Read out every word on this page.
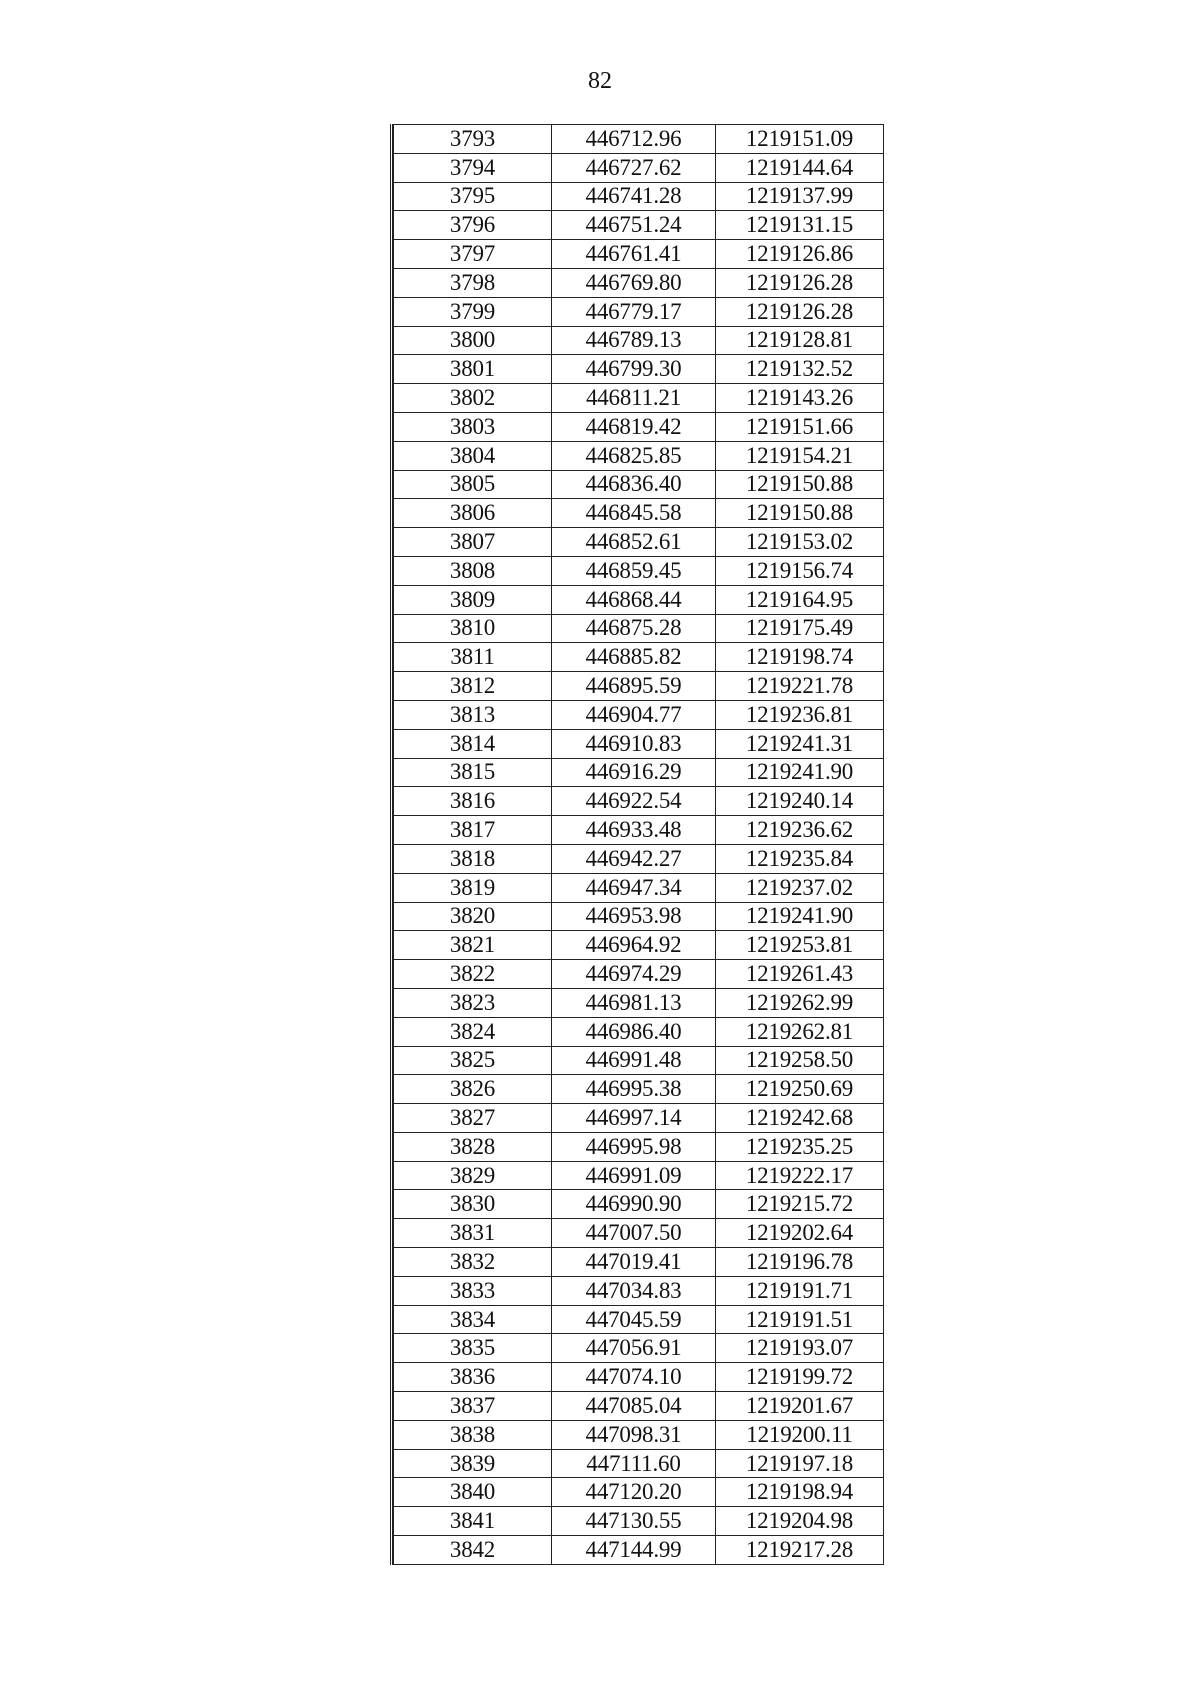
82
3793	446712.96	1219151.09
3794	446727.62	1219144.64
3795	446741.28	1219137.99
3796	446751.24	1219131.15
3797	446761.41	1219126.86
3798	446769.80	1219126.28
3799	446779.17	1219126.28
3800	446789.13	1219128.81
3801	446799.30	1219132.52
3802	446811.21	1219143.26
3803	446819.42	1219151.66
3804	446825.85	1219154.21
3805	446836.40	1219150.88
3806	446845.58	1219150.88
3807	446852.61	1219153.02
3808	446859.45	1219156.74
3809	446868.44	1219164.95
3810	446875.28	1219175.49
3811	446885.82	1219198.74
3812	446895.59	1219221.78
3813	446904.77	1219236.81
3814	446910.83	1219241.31
3815	446916.29	1219241.90
3816	446922.54	1219240.14
3817	446933.48	1219236.62
3818	446942.27	1219235.84
3819	446947.34	1219237.02
3820	446953.98	1219241.90
3821	446964.92	1219253.81
3822	446974.29	1219261.43
3823	446981.13	1219262.99
3824	446986.40	1219262.81
3825	446991.48	1219258.50
3826	446995.38	1219250.69
3827	446997.14	1219242.68
3828	446995.98	1219235.25
3829	446991.09	1219222.17
3830	446990.90	1219215.72
3831	447007.50	1219202.64
3832	447019.41	1219196.78
3833	447034.83	1219191.71
3834	447045.59	1219191.51
3835	447056.91	1219193.07
3836	447074.10	1219199.72
3837	447085.04	1219201.67
3838	447098.31	1219200.11
3839	447111.60	1219197.18
3840	447120.20	1219198.94
3841	447130.55	1219204.98
3842	447144.99	1219217.28
